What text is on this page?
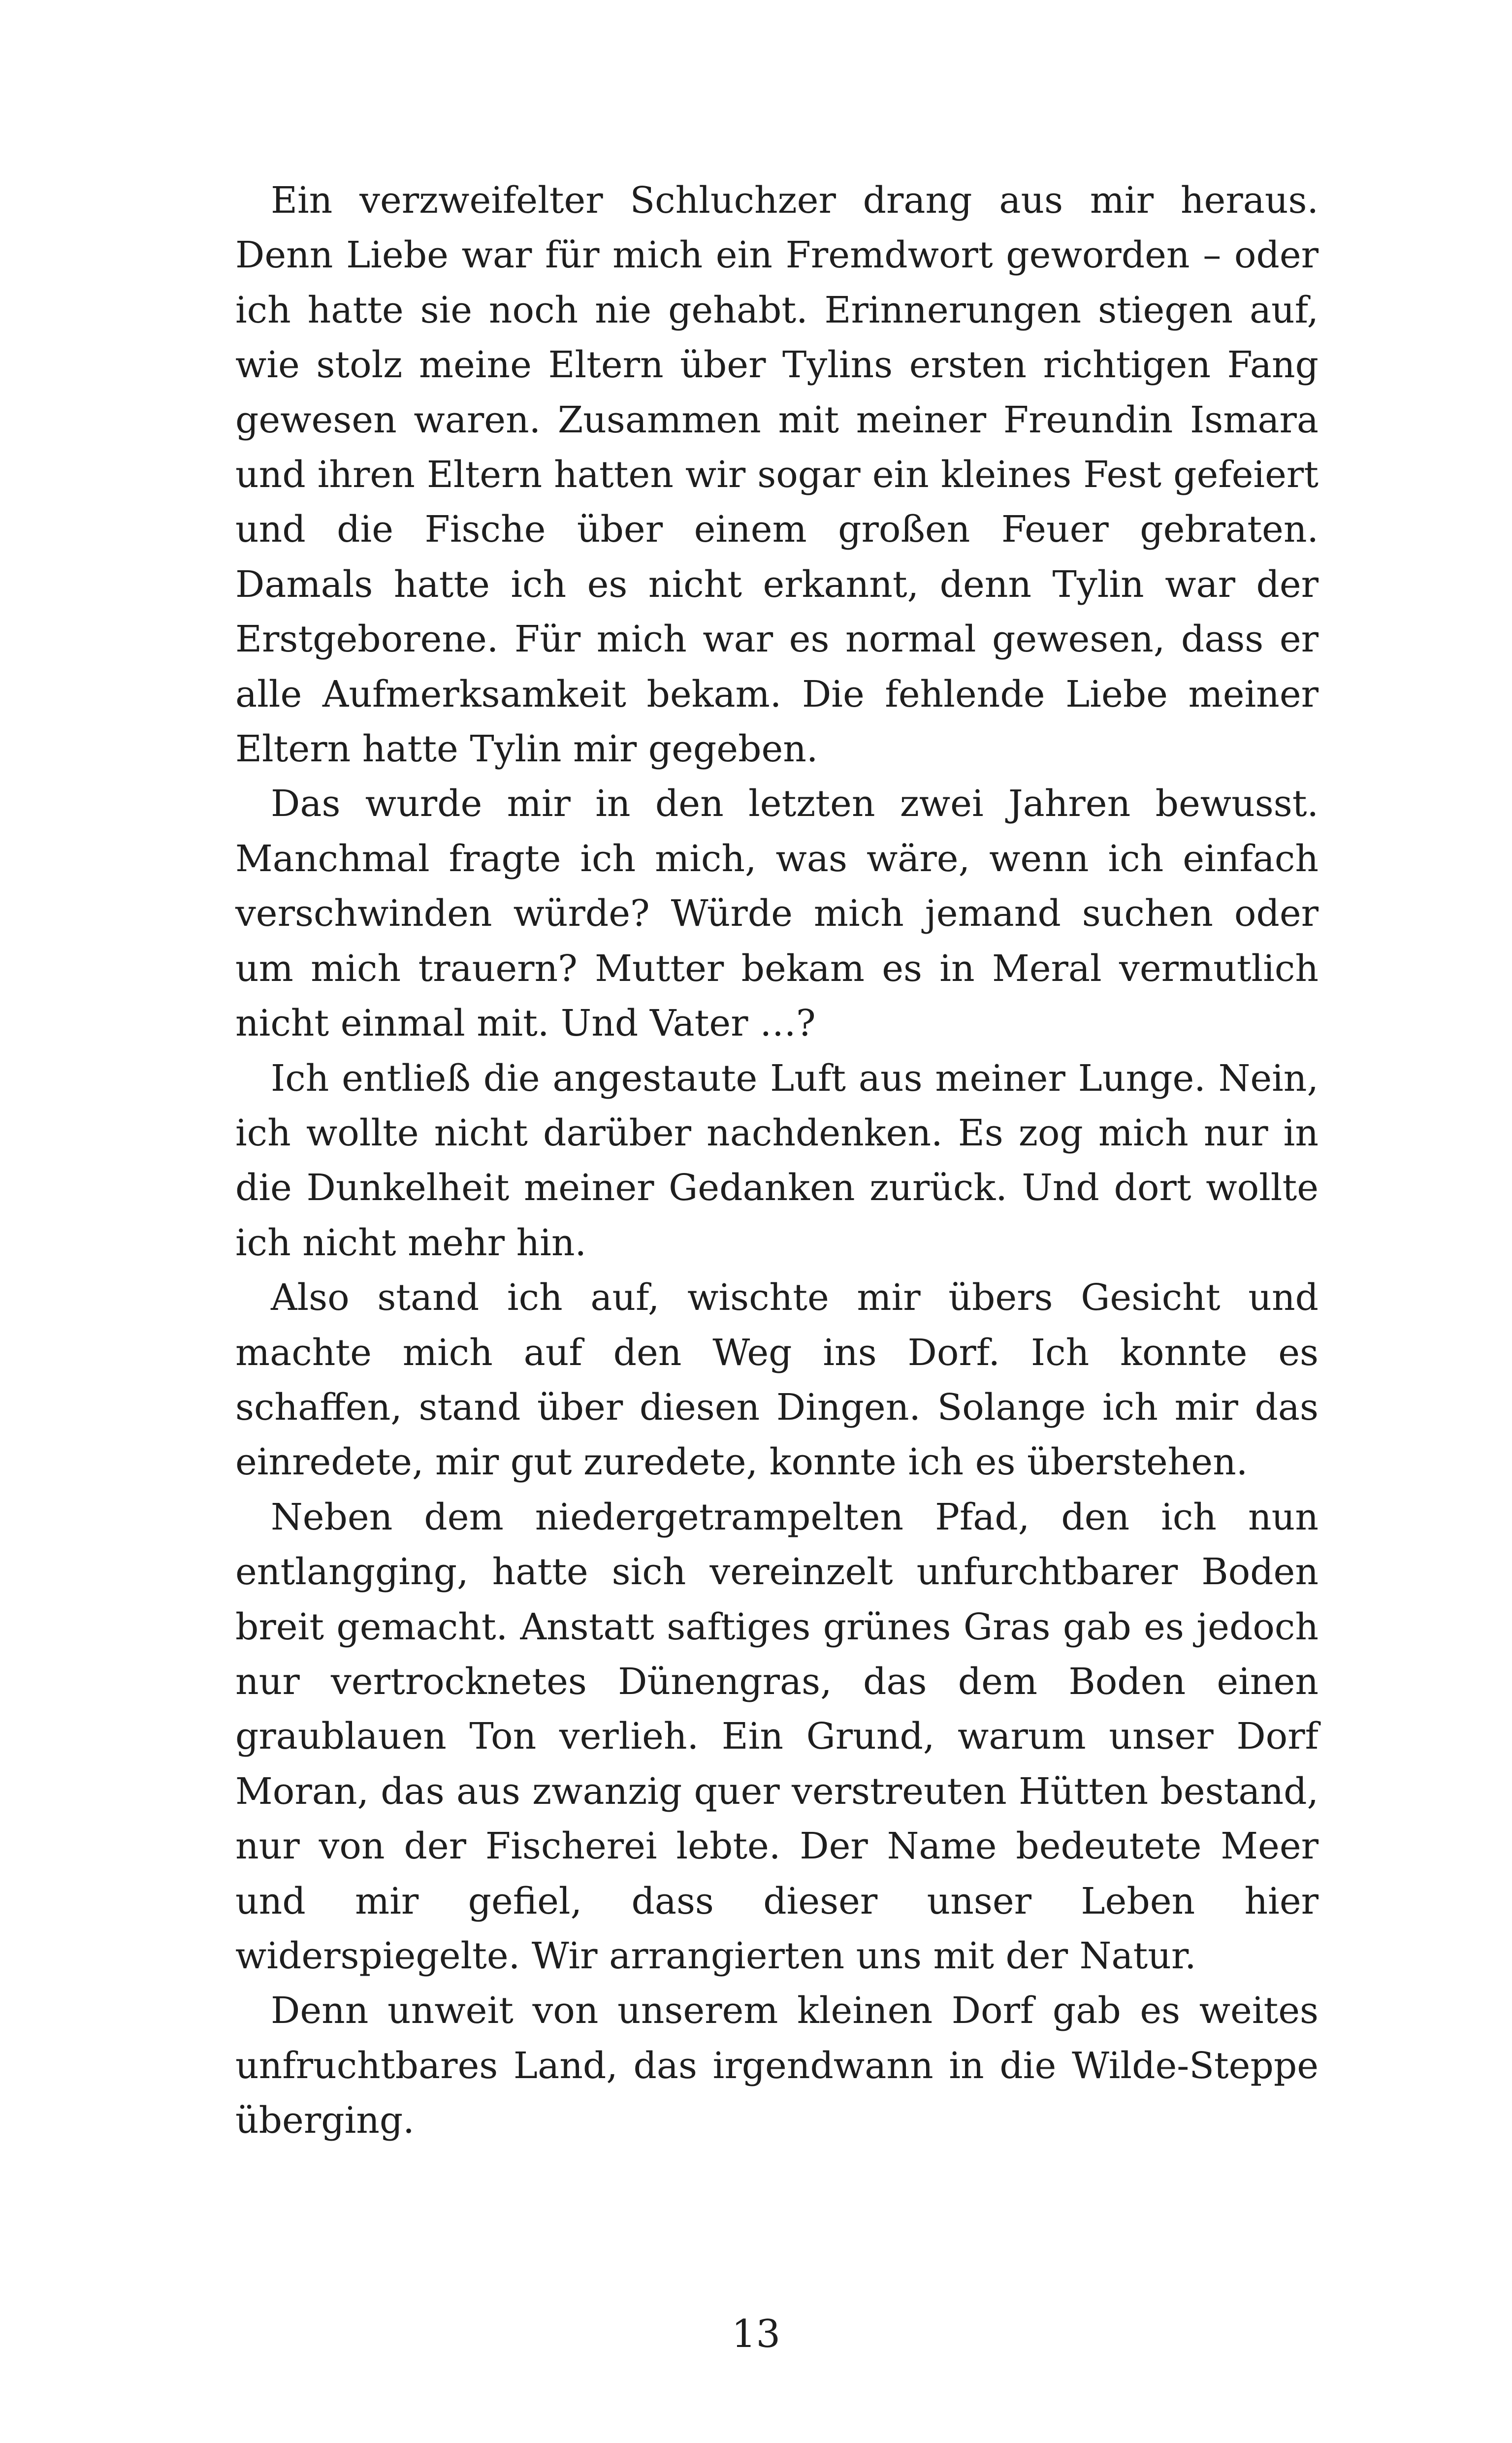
Ein verzweifelter Schluchzer drang aus mir heraus. Denn Liebe war für mich ein Fremdwort geworden – oder ich hatte sie noch nie gehabt. Erinnerungen stiegen auf, wie stolz meine Eltern über Tylins ersten richtigen Fang gewesen waren. Zusammen mit meiner Freundin Ismara und ihren Eltern hatten wir sogar ein kleines Fest gefeiert und die Fische über einem großen Feuer gebraten. Damals hatte ich es nicht erkannt, denn Tylin war der Erstgeborene. Für mich war es normal gewesen, dass er alle Aufmerksamkeit bekam. Die fehlende Liebe meiner Eltern hatte Tylin mir gegeben.

Das wurde mir in den letzten zwei Jahren bewusst. Manchmal fragte ich mich, was wäre, wenn ich einfach verschwinden würde? Würde mich jemand suchen oder um mich trauern? Mutter bekam es in Meral vermutlich nicht einmal mit. Und Vater …?

Ich entließ die angestaute Luft aus meiner Lunge. Nein, ich wollte nicht darüber nachdenken. Es zog mich nur in die Dunkelheit meiner Gedanken zurück. Und dort wollte ich nicht mehr hin.

Also stand ich auf, wischte mir übers Gesicht und machte mich auf den Weg ins Dorf. Ich konnte es schaffen, stand über diesen Dingen. Solange ich mir das einredete, mir gut zuredete, konnte ich es überstehen.

Neben dem niedergetrampelten Pfad, den ich nun entlangging, hatte sich vereinzelt unfurchtbarer Boden breit gemacht. Anstatt saftiges grünes Gras gab es jedoch nur vertrocknetes Dünengras, das dem Boden einen graublauen Ton verlieh. Ein Grund, warum unser Dorf Moran, das aus zwanzig quer verstreuten Hütten bestand, nur von der Fischerei lebte. Der Name bedeutete Meer und mir gefiel, dass dieser unser Leben hier widerspiegelte. Wir arrangierten uns mit der Natur.

Denn unweit von unserem kleinen Dorf gab es weites unfruchtbares Land, das irgendwann in die Wilde-Steppe überging.

13
